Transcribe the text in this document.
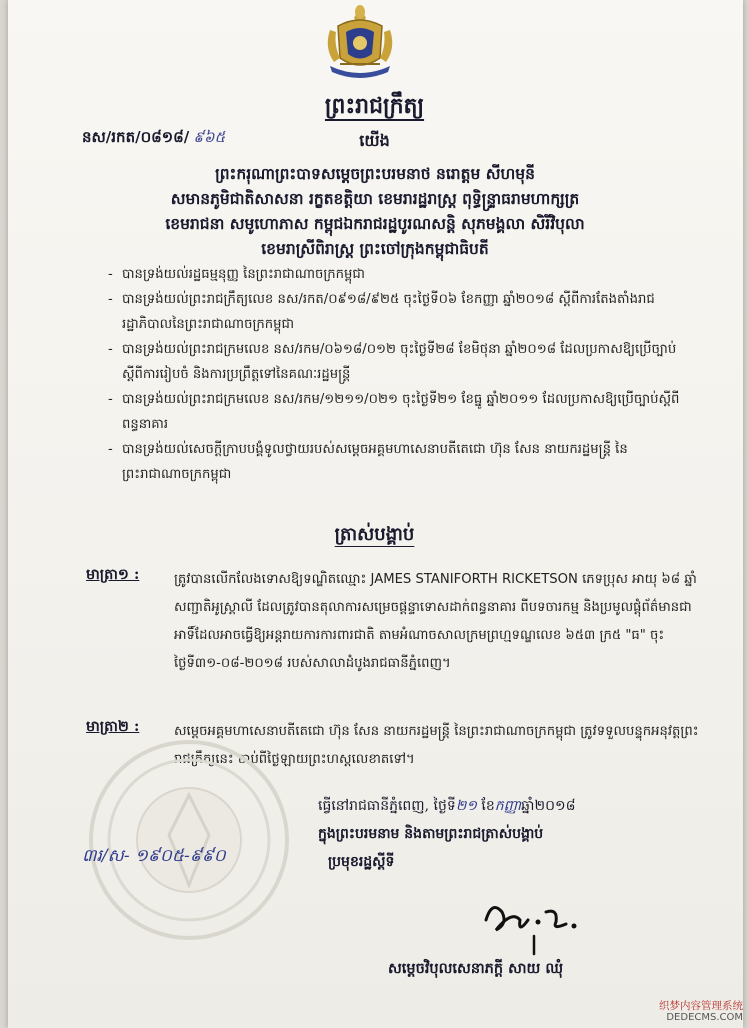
ព្រះរាជក្រឹត្យ
នស/រកត/០៨១៨/ ៩៦៥	យើង
ព្រះករុណាព្រះបាទសម្តេចព្រះបរមនាថ នរោត្តម សីហមុនី
សមានភូមិជាតិសាសនា រក្ខតខត្តិយា ខេមរារដ្ឋរាស្ត្រ ពុទ្ធិន្ទ្រាធរាមហាក្សត្រ
ខេមរាជនា សមូហោភាស កម្ពុជឯករាជរដ្ឋបូរណសន្តិ សុភមង្គលា សិរីវិបុលា
ខេមរាស្រីពិរាស្ត្រ ព្រះចៅក្រុងកម្ពុជាធិបតី
- បានទ្រង់យល់រដ្ឋធម្មនុញ្ញ នៃព្រះរាជាណាចក្រកម្ពុជា
- បានទ្រង់យល់ព្រះរាជក្រឹត្យលេខ នស/រកត/០៩១៨/៩២៥ ចុះថ្ងៃទី០៦ ខែកញ្ញា ឆ្នាំ២០១៨ ស្តីពីការតែងតាំងរាជរដ្ឋាភិបាលនៃព្រះរាជាណាចក្រកម្ពុជា
- បានទ្រង់យល់ព្រះរាជក្រមលេខ នស/រកម/០៦១៨/០១២ ចុះថ្ងៃទី២៨ ខែមិថុនា ឆ្នាំ២០១៨ ដែលប្រកាសឱ្យប្រើច្បាប់ស្តីពីការរៀបចំ និងការប្រព្រឹត្តទៅនៃគណៈរដ្ឋមន្ត្រី
- បានទ្រង់យល់ព្រះរាជក្រមលេខ នស/រកម/១២១១/០២១ ចុះថ្ងៃទី២១ ខែធ្នូ ឆ្នាំ២០១១ ដែលប្រកាសឱ្យប្រើច្បាប់ស្តីពីពន្ធនាគារ
- បានទ្រង់យល់សេចក្តីក្រាបបង្គំទូលថ្វាយរបស់សម្តេចអគ្គមហាសេនាបតីតេជោ ហ៊ុន សែន នាយករដ្ឋមន្ត្រី នៃព្រះរាជាណាចក្រកម្ពុជា
ត្រាស់បង្គាប់
មាត្រា១ :	ត្រូវបានលើកលែងទោសឱ្យទណ្ឌិតឈ្មោះ JAMES STANIFORTH RICKETSON ភេទប្រុស អាយុ ៦៨ ឆ្នាំ សញ្ជាតិអូស្ត្រាលី ដែលត្រូវបានតុលាការសម្រេចផ្តន្ទាទោសដាក់ពន្ធនាគារ ពីបទចារកម្ម និងប្រមូលផ្តុំព័ត៌មានជាអាទិ៍ដែលអាចធ្វើឱ្យអន្តរាយការការពារជាតិ តាមអំណាចសាលក្រមព្រហ្មទណ្ឌលេខ ៦៥៣ ក្រ៥ "ធ" ចុះថ្ងៃទី៣១-០៨-២០១៨ របស់សាលាដំបូងរាជធានីភ្នំពេញ។
មាត្រា២ :	សម្តេចអគ្គមហាសេនាបតីតេជោ ហ៊ុន សែន នាយករដ្ឋមន្ត្រី នៃព្រះរាជាណាចក្រកម្ពុជា ត្រូវទទួលបន្ទុកអនុវត្តព្រះរាជក្រឹត្យនេះ ចាប់ពីថ្ងៃឡាយព្រះហស្តលេខាតទៅ។
ធ្វើនៅរាជធានីភ្នំពេញ, ថ្ងៃទី២១ ខែកញ្ញាឆ្នាំ២០១៨
ក្នុងព្រះបរមនាម និងតាមព្រះរាជត្រាស់បង្គាប់
ប្រមុខរដ្ឋស្តីទី
៣រ/ស- ១៩០៥-៩៩០
សម្តេចវិបុលសេនាភក្តី សាយ ឈុំ
织梦内容管理系统
DEDECMS.COM
